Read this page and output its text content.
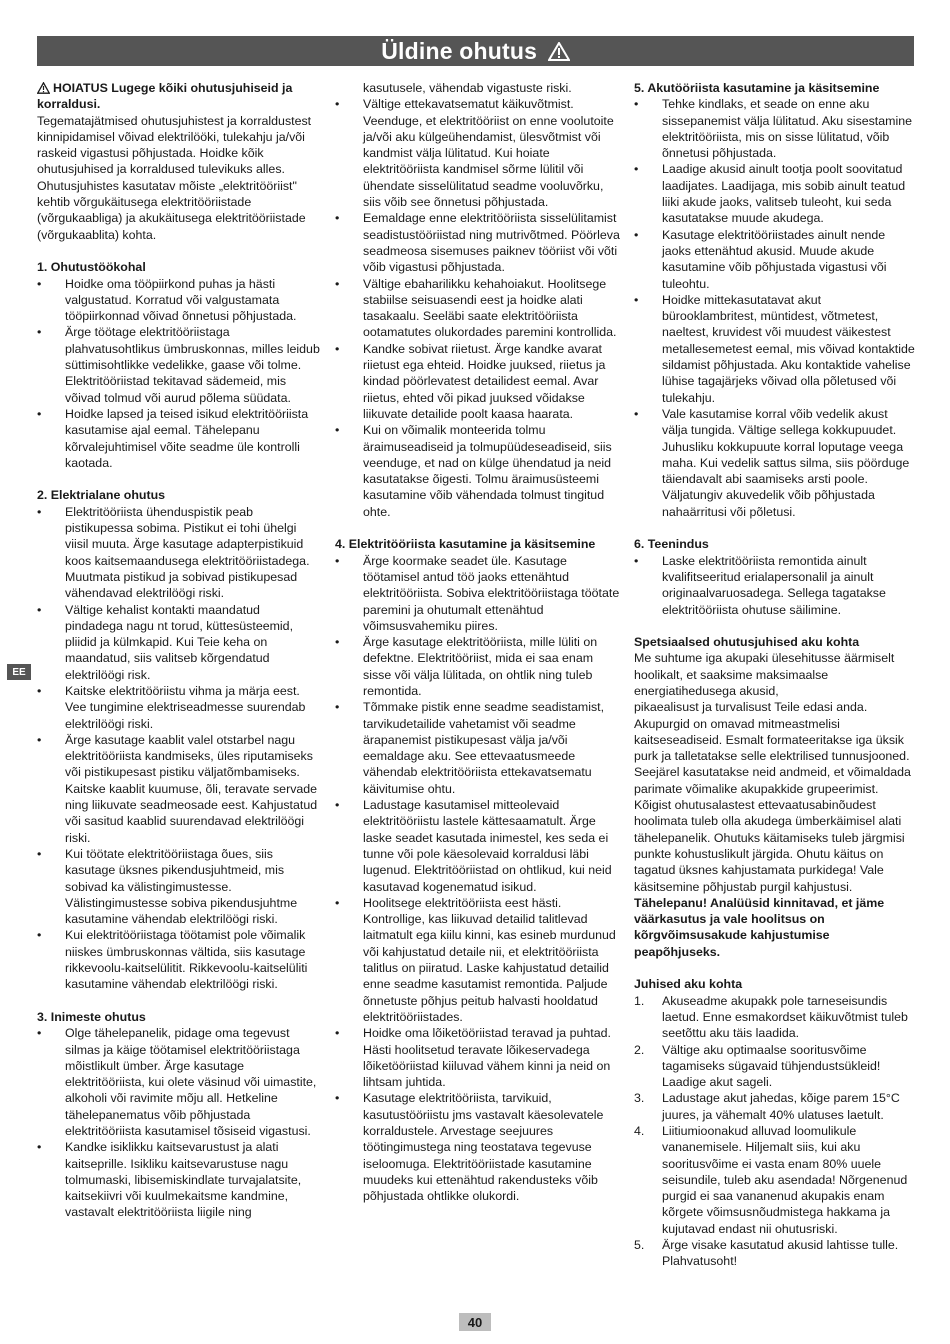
Üldine ohutus
EE

HOIATUS Lugege kõiki ohutusjuhiseid ja korraldusi.

Tegematajätmised ohutusjuhistest ja korraldustest kinnipidamisel võivad elektrilööki, tulekahju ja/või raskeid vigastusi põhjustada. Hoidke kõik ohutusjuhised ja korraldused tulevikuks alles.

Ohutusjuhistes kasutatav mõiste „elektritööriist" kehtib võrgukäitusega elektritööriistade (võrgukaabliga) ja akukäitusega elektritööriistade (võrgukaablita) kohta.

1. Ohutustöökohal

• Hoidke oma tööpiirkond puhas ja hästi valgustatud. Korratud või valgustamata tööpiirkonnad võivad õnnetusi põhjustada.
• Ärge töötage elektritööriistaga plahvatusohtlikus ümbruskonnas, milles leidub süttimisohtlikke vedelikke, gaase või tolme. Elektritööriistad tekitavad sädemeid, mis võivad tolmud või aurud põlema süüdata.
• Hoidke lapsed ja teised isikud elektritööriista kasutamise ajal eemal. Tähelepanu kõrvalejuhtimisel võite seadme üle kontrolli kaotada.

2. Elektrialane ohutus

• Elektritööriista ühenduspistik peab pistikupessa sobima. Pistikut ei tohi ühelgi viisil muuta. Ärge kasutage adapterpistikuid koos kaitsemaandusega elektritööriistadega. Muutmata pistikud ja sobivad pistikupesad vähendavad elektrilöögi riski.
• Vältige kehalist kontakti maandatud pindadega nagu nt torud, küttesüsteemid, pliidid ja külmkapid. Kui Teie keha on maandatud, siis valitseb kõrgendatud elektrilöögi risk.
• Kaitske elektritööriistu vihma ja märja eest. Vee tungimine elektriseadmesse suurendab elektrilöögi riski.
• Ärge kasutage kaablit valel otstarbel nagu elektritööriista kandmiseks, üles riputamiseks või pistikupesast pistiku väljatõmbamiseks. Kaitske kaablit kuumuse, õli, teravate servade ning liikuvate seadmeosade eest. Kahjustatud või sasitud kaablid suurendavad elektrilöögi riski.
• Kui töötate elektritööriistaga õues, siis kasutage üksnes pikendusjuhtmeid, mis sobivad ka välistingimustesse. Välistingimustesse sobiva pikendusjuhtme kasutamine vähendab elektrilöögi riski.
• Kui elektritööriistaga töötamist pole võimalik niiskes ümbruskonnas vältida, siis kasutage rikkevoolu-kaitselülitit. Rikkevoolu-kaitselüliti kasutamine vähendab elektrilöögi riski.

3. Inimeste ohutus

• Olge tähelepanelik, pidage oma tegevust silmas ja käige töötamisel elektritööriistaga mõistlikult ümber. Ärge kasutage elektritööriista, kui olete väsinud või uimastite, alkoholi või ravimite mõju all. Hetkeline tähelepanematus võib põhjustada elektritööriista kasutamisel tõsiseid vigastusi.
• Kandke isiklikku kaitsevarustust ja alati kaitseprille. Isikliku kaitsevarustuse nagu tolmumaski, libisemiskindlate turvajalatsite, kaitsekiivri või kuulmekaitsme kandmine, vastavalt elektritööriista liigile ning

kasutusele, vähendab vigastuste riski.

• Vältige ettekavatsematut käikuvõtmist. Veenduge, et elektritööriist on enne voolutoite ja/või aku külgeühendamist, ülesvõtmist või kandmist välja lülitatud. Kui hoiate elektritööriista kandmisel sõrme lülitil või ühendate sisselülitatud seadme vooluvõrku, siis võib see õnnetusi põhjustada.
• Eemaldage enne elektritööriista sisselülitamist seadistustööriistad ning mutrivõtmed. Pöörleva seadmeosa sisemuses paiknev tööriist või võti võib vigastusi põhjustada.
• Vältige ebaharilikku kehahoiakut. Hoolitsege stabiilse seisuasendi eest ja hoidke alati tasakaalu. Seeläbi saate elektritööriista ootamatutes olukordades paremini kontrollida.
• Kandke sobivat riietust. Ärge kandke avarat riietust ega ehteid. Hoidke juuksed, riietus ja kindad pöörlevatest detailidest eemal. Avar riietus, ehted või pikad juuksed võidakse liikuvate detailide poolt kaasa haarata.
• Kui on võimalik monteerida tolmu äraimuseadiseid ja tolmupüüdeseadiseid, siis veenduge, et nad on külge ühendatud ja neid kasutatakse õigesti. Tolmu äraimusüsteemi kasutamine võib vähendada tolmust tingitud ohte.

4. Elektritööriista kasutamine ja käsitsemine

• Ärge koormake seadet üle. Kasutage töötamisel antud töö jaoks ettenähtud elektritööriista. Sobiva elektritööriistaga töötate paremini ja ohutumalt ettenähtud võimsusvahemiku piires.
• Ärge kasutage elektritööriista, mille lüliti on defektne. Elektritööriist, mida ei saa enam sisse või välja lülitada, on ohtlik ning tuleb remontida.
• Tõmmake pistik enne seadme seadistamist, tarvikudetailide vahetamist või seadme ärapanemist pistikupesast välja ja/või eemaldage aku. See ettevaatusmeede vähendab elektritööriista ettekavatsematu käivitumise ohtu.
• Ladustage kasutamisel mitteolevaid elektritööriistu lastele kättesaamatult. Ärge laske seadet kasutada inimestel, kes seda ei tunne või pole käesolevaid korraldusi läbi lugenud. Elektritööriistad on ohtlikud, kui neid kasutavad kogenematud isikud.
• Hoolitsege elektritööriista eest hästi. Kontrollige, kas liikuvad detailid talitlevad laitmatult ega kiilu kinni, kas esineb murdunud või kahjustatud detaile nii, et elektritööriista talitlus on piiratud. Laske kahjustatud detailid enne seadme kasutamist remontida. Paljude õnnetuste põhjus peitub halvasti hooldatud elektritööriistades.
• Hoidke oma lõiketööriistad teravad ja puhtad. Hästi hoolitsetud teravate lõikeservadega lõiketööriistad kiiluvad vähem kinni ja neid on lihtsam juhtida.
• Kasutage elektritööriista, tarvikuid, kasutustööriistu jms vastavalt käesolevatele korraldustele. Arvestage seejuures töötingimustega ning teostatava tegevuse iseloomuga. Elektritööriistade kasutamine muudeks kui ettenähtud rakendusteks võib põhjustada ohtlikke olukordi.

5. Akutööriista kasutamine ja käsitsemine

• Tehke kindlaks, et seade on enne aku sissepanemist välja lülitatud. Aku sisestamine elektritööriista, mis on sisse lülitatud, võib õnnetusi põhjustada.
• Laadige akusid ainult tootja poolt soovitatud laadijates. Laadijaga, mis sobib ainult teatud liiki akude jaoks, valitseb tuleoht, kui seda kasutatakse muude akudega.
• Kasutage elektritööriistades ainult nende jaoks ettenähtud akusid. Muude akude kasutamine võib põhjustada vigastusi või tuleohtu.
• Hoidke mittekasutatavat akut bürooklambritest, müntidest, võtmetest, naeltest, kruvidest või muudest väikestest metallesemetest eemal, mis võivad kontaktide sildamist põhjustada. Aku kontaktide vahelise lühise tagajärjeks võivad olla põletused või tulekahju.
• Vale kasutamise korral võib vedelik akust välja tungida. Vältige sellega kokkupuudet. Juhusliku kokkupuute korral loputage veega maha. Kui vedelik sattus silma, siis pöörduge täiendavalt abi saamiseks arsti poole. Väljatungiv akuvedelik võib põhjustada nahaärritusi või põletusi.

6. Teenindus

• Laske elektritööriista remontida ainult kvalifitseeritud erialapersonalil ja ainult originaalvaruosadega. Sellega tagatakse elektritööriista ohutuse säilimine.

Spetsiaalsed ohutusjuhised aku kohta

Me suhtume iga akupaki ülesehitusse äärmiselt hoolikalt, et saaksime maksimaalse energiatihedusega akusid,

pikaealisust ja turvalisust Teile edasi anda. Akupurgid on omavad mitmeastmelisi kaitseseadiseid. Esmalt formateeritakse iga üksik purk ja talletatakse selle elektrilised tunnusjooned. Seejärel kasutatakse neid andmeid, et võimaldada parimate võimalike akupakkide grupeerimist.

Kõigist ohutusalastest ettevaatusabinõudest hoolimata tuleb olla akudega ümberkäimisel alati tähelepanelik. Ohutuks käitamiseks tuleb järgmisi punkte kohustuslikult järgida. Ohutu käitus on tagatud üksnes kahjustamata purkidega! Vale käsitsemine põhjustab purgil kahjustusi.

Tähelepanu! Analüüsid kinnitavad, et jäme väärkasutus ja vale hoolitsus on kõrgvõimsusakude kahjustumise peapõhjuseks.

Juhised aku kohta

1. Akuseadme akupakk pole tarneseisundis laetud. Enne esmakordset käikuvõtmist tuleb seetõttu aku täis laadida.
2. Vältige aku optimaalse sooritusvõime tagamiseks sügavaid tühjendustsükleid! Laadige akut sageli.
3. Ladustage akut jahedas, kõige parem 15°C juures, ja vähemalt 40% ulatuses laetult.
4. Liitiumioonakud alluvad loomulikule vananemisele. Hiljemalt siis, kui aku sooritusvõime ei vasta enam 80% uuele seisundile, tuleb aku asendada! Nõrgenenud purgid ei saa vananenud akupakis enam kõrgete võimsusnõudmistega hakkama ja kujutavad endast nii ohutusriski.
5. Ärge visake kasutatud akusid lahtisse tulle. Plahvatusoht!
40
